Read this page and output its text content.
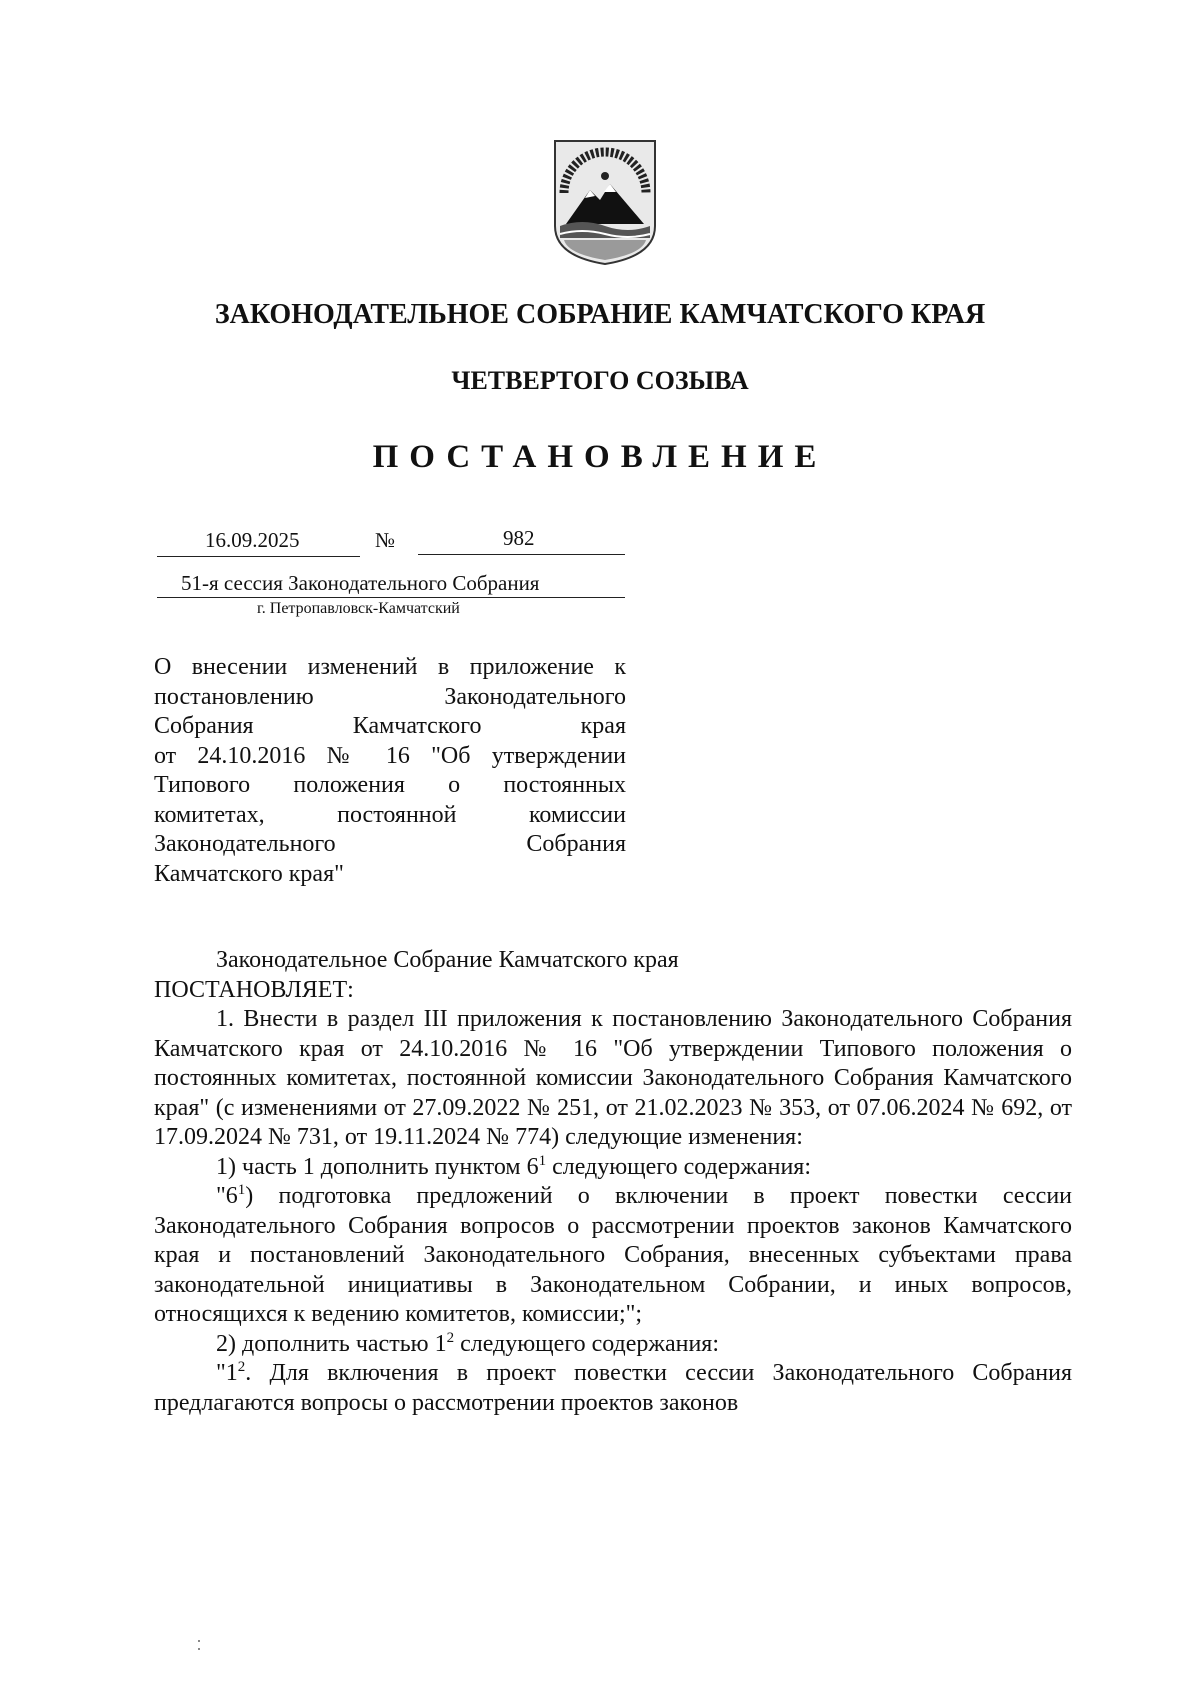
ЗАКОНОДАТЕЛЬНОЕ СОБРАНИЕ КАМЧАТСКОГО КРАЯ
ЧЕТВЕРТОГО СОЗЫВА
ПОСТАНОВЛЕНИЕ
16.09.2025	№	982
51-я сессия Законодательного Собрания
г. Петропавловск-Камчатский
О внесении изменений в приложение к
постановлению Законодательного
Собрания Камчатского края
от 24.10.2016 № 16 "Об утверждении
Типового положения о постоянных
комитетах, постоянной комиссии
Законодательного Собрания
Камчатского края"

Законодательное Собрание Камчатского края

ПОСТАНОВЛЯЕТ:

1. Внести в раздел III приложения к постановлению Законодательного Собрания Камчатского края от 24.10.2016 № 16 "Об утверждении Типового положения о постоянных комитетах, постоянной комиссии Законодательного Собрания Камчатского края" (с изменениями от 27.09.2022 № 251, от 21.02.2023 № 353, от 07.06.2024 № 692, от 17.09.2024 № 731, от 19.11.2024 № 774) следующие изменения:

1) часть 1 дополнить пунктом $6^1$ следующего содержания:

"$6^1$) подготовка предложений о включении в проект повестки сессии Законодательного Собрания вопросов о рассмотрении проектов законов Камчатского края и постановлений Законодательного Собрания, внесенных субъектами права законодательной инициативы в Законодательном Собрании, и иных вопросов, относящихся к ведению комитетов, комиссии;";

2) дополнить частью $1^2$ следующего содержания:

"$1^2$. Для включения в проект повестки сессии Законодательного Собрания предлагаются вопросы о рассмотрении проектов законов
